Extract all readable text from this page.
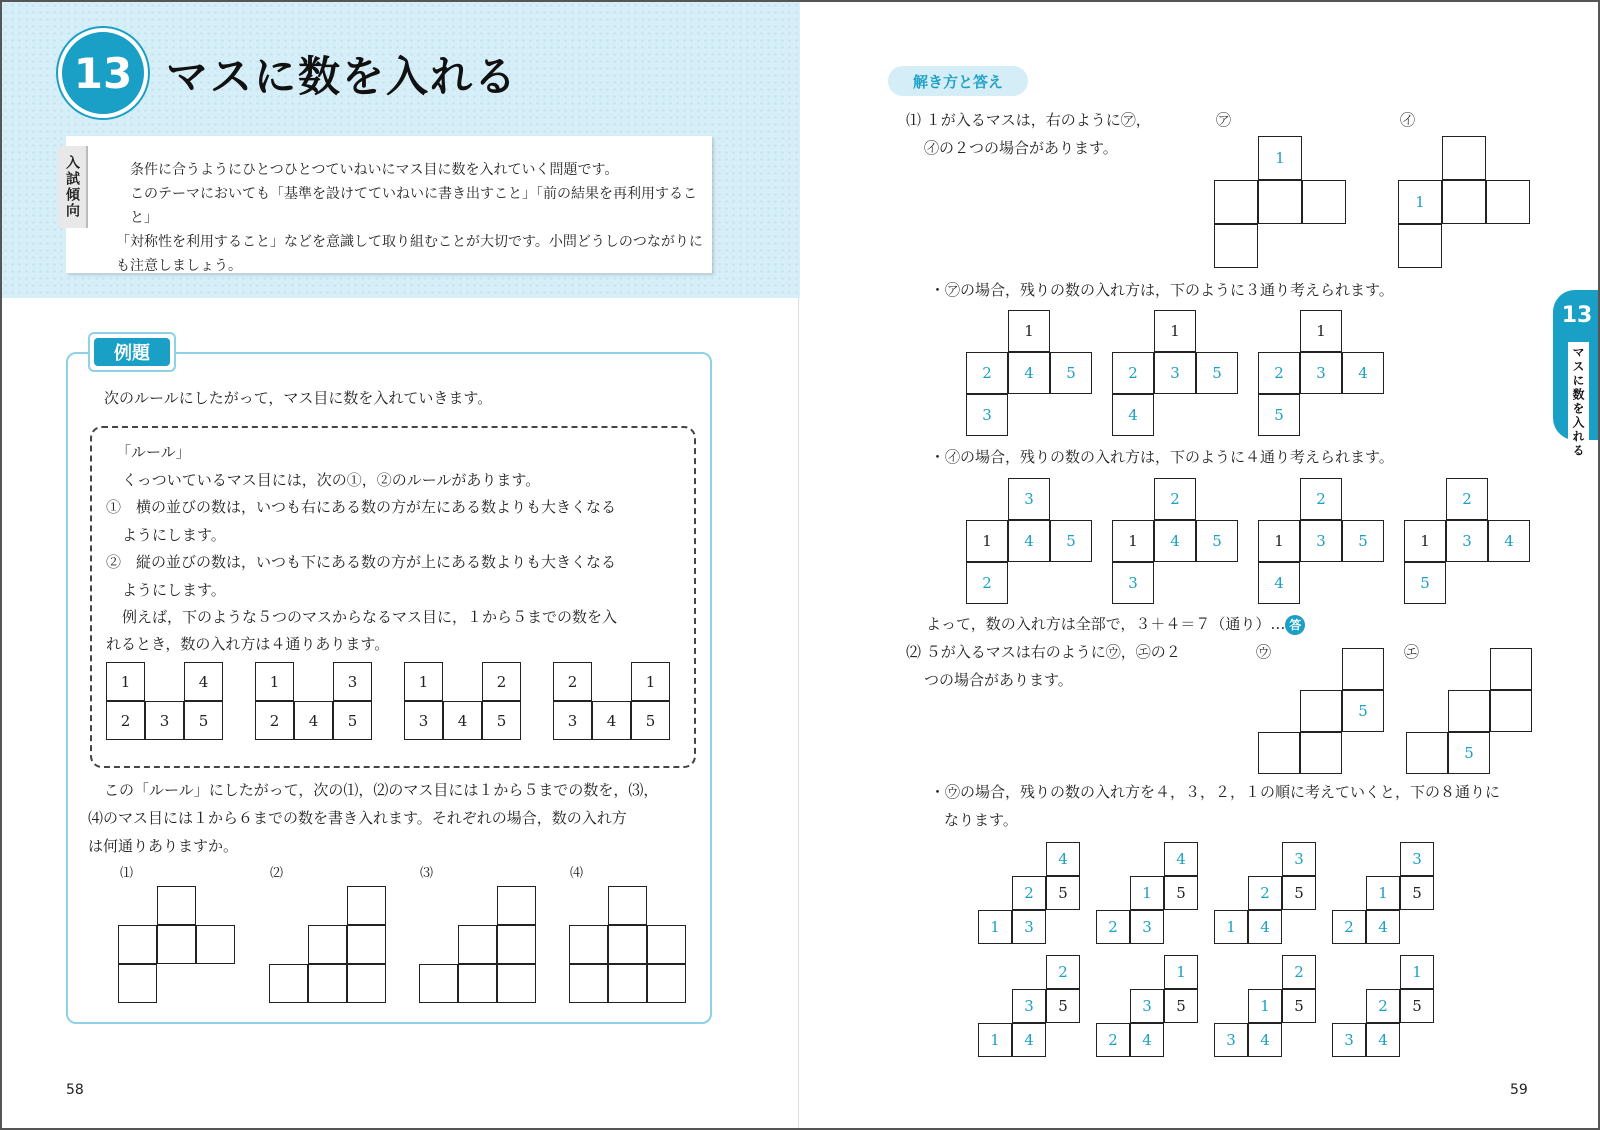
13 マスに数を入れる
入試傾向	条件に合うようにひとつひとつていねいにマス目に数を入れていく問題です。
このテーマにおいても「基準を設けてていねいに書き出すこと」「前の結果を再利用すること」
「対称性を利用すること」などを意識して取り組むことが大切です。小問どうしのつながりに
も注意しましょう。
例題
次のルールにしたがって，マス目に数を入れていきます。
「ルール」
くっついているマス目には，次の①，②のルールがあります。
①　横の並びの数は，いつも右にある数の方が左にある数よりも大きくなる
ようにします。
②　縦の並びの数は，いつも下にある数の方が上にある数よりも大きくなる
ようにします。
例えば，下のような５つのマスからなるマス目に，１から５までの数を入
れるとき，数の入れ方は４通りあります。
1	4
2	3	5
1	3
2	4	5
1	2
3	4	5
2	1
3	4	5
この「ルール」にしたがって，次の⑴，⑵のマス目には１から５までの数を，⑶，
⑷のマス目には１から６までの数を書き入れます。それぞれの場合，数の入れ方
は何通りありますか。
⑴	⑵	⑶	⑷
58
解き方と答え
⑴ １が入るマスは，右のように㋐，
㋑の２つの場合があります。
㋐	㋑
・㋐の場合，残りの数の入れ方は，下のように３通り考えられます。
・㋑の場合，残りの数の入れ方は，下のように４通り考えられます。
よって，数の入れ方は全部で，３＋４＝７（通り）… 答
⑵ ５が入るマスは右のように㋒，㋓の２
つの場合があります。
㋒	㋓
・㋒の場合，残りの数の入れ方を４，３，２，１の順に考えていくと，下の８通りに
なります。
1
1
1
2	4	5
3
1
2	3	5
4
1
2	3	4
5
3
1	4	5
2
2
1	4	5
3
2
1	3	5
4
2
1	3	4
5
5
5
4
2	5
1	3
4
1	5
2	3
3
2	5
1	4
3
1	5
2	4
2
3	5
1	4
1
3	5
2	4
2
1	5
3	4
1
2	5
3	4
13
マスに数を入れる
59
